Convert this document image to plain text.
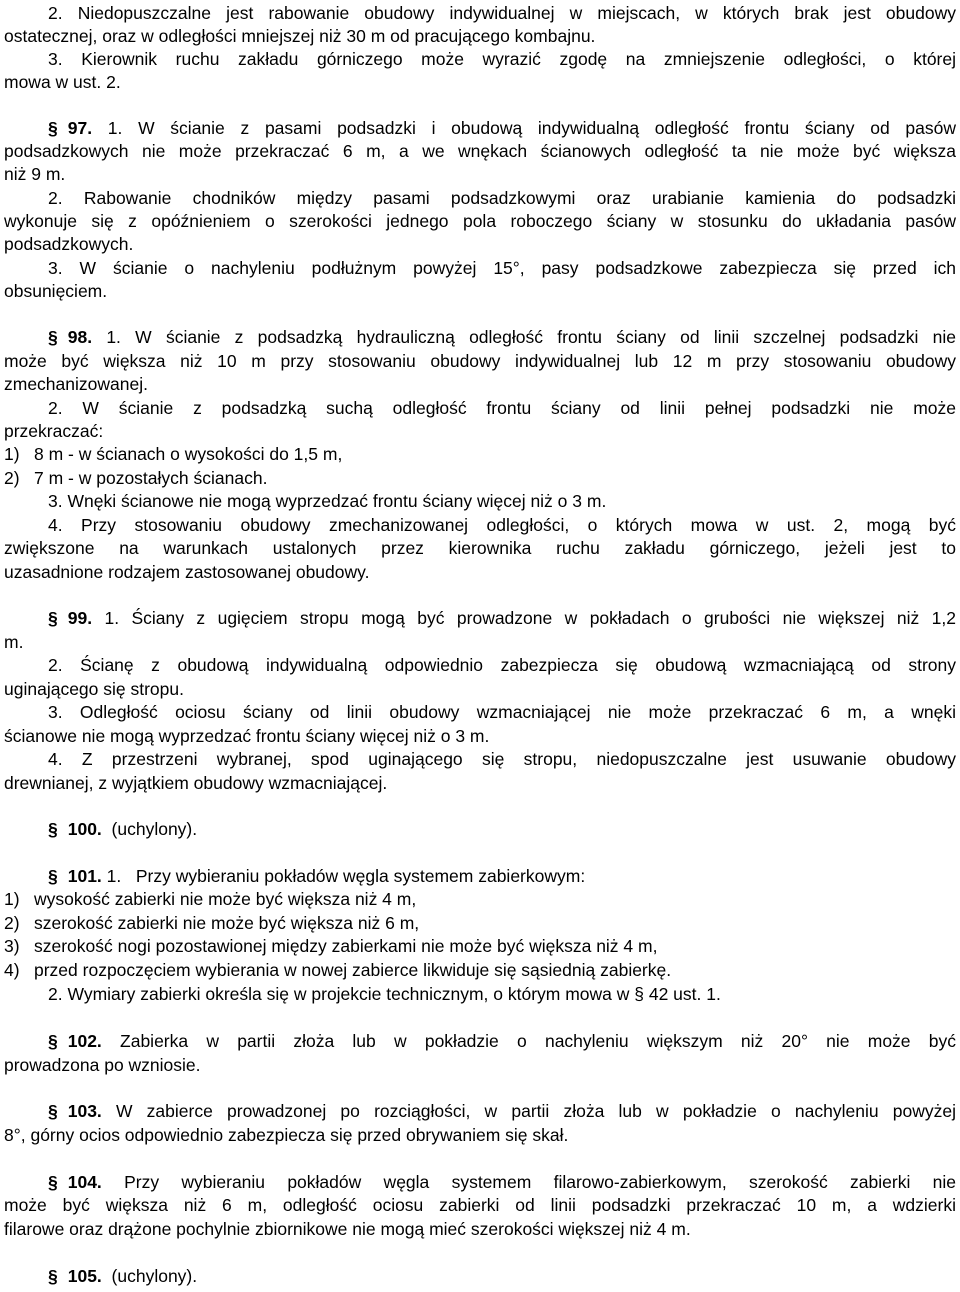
2. Niedopuszczalne jest rabowanie obudowy indywidualnej w miejscach, w których brak jest obudowy
ostatecznej, oraz w odległości mniejszej niż 30 m od pracującego kombajnu.
3. Kierownik ruchu zakładu górniczego może wyrazić zgodę na zmniejszenie odległości, o której
mowa w ust. 2.
§ 97. 1. W ścianie z pasami podsadzki i obudową indywidualną odległość frontu ściany od pasów
podsadzkowych nie może przekraczać 6 m, a we wnękach ścianowych odległość ta nie może być większa
niż 9 m.
2. Rabowanie chodników między pasami podsadzkowymi oraz urabianie kamienia do podsadzki
wykonuje się z opóźnieniem o szerokości jednego pola roboczego ściany w stosunku do układania pasów
podsadzkowych.
3. W ścianie o nachyleniu podłużnym powyżej 15°, pasy podsadzkowe zabezpiecza się przed ich
obsunięciem.
§ 98. 1. W ścianie z podsadzką hydrauliczną odległość frontu ściany od linii szczelnej podsadzki nie
może być większa niż 10 m przy stosowaniu obudowy indywidualnej lub 12 m przy stosowaniu obudowy
zmechanizowanej.
2. W ścianie z podsadzką suchą odległość frontu ściany od linii pełnej podsadzki nie może
przekraczać:
1) 8 m - w ścianach o wysokości do 1,5 m,
2) 7 m - w pozostałych ścianach.
3. Wnęki ścianowe nie mogą wyprzedzać frontu ściany więcej niż o 3 m.
4. Przy stosowaniu obudowy zmechanizowanej odległości, o których mowa w ust. 2, mogą być
zwiększone na warunkach ustalonych przez kierownika ruchu zakładu górniczego, jeżeli jest to
uzasadnione rodzajem zastosowanej obudowy.
§ 99. 1. Ściany z ugięciem stropu mogą być prowadzone w pokładach o grubości nie większej niż 1,2
m.
2. Ścianę z obudową indywidualną odpowiednio zabezpiecza się obudową wzmacniającą od strony
uginającego się stropu.
3. Odległość ociosu ściany od linii obudowy wzmacniającej nie może przekraczać 6 m, a wnęki
ścianowe nie mogą wyprzedzać frontu ściany więcej niż o 3 m.
4. Z przestrzeni wybranej, spod uginającego się stropu, niedopuszczalne jest usuwanie obudowy
drewnianej, z wyjątkiem obudowy wzmacniającej.
§ 100. (uchylony).
§ 101. 1.   Przy wybieraniu pokładów węgla systemem zabierkowym:
1) wysokość zabierki nie może być większa niż 4 m,
2) szerokość zabierki nie może być większa niż 6 m,
3) szerokość nogi pozostawionej między zabierkami nie może być większa niż 4 m,
4) przed rozpoczęciem wybierania w nowej zabierce likwiduje się sąsiednią zabierkę.
2. Wymiary zabierki określa się w projekcie technicznym, o którym mowa w § 42 ust. 1.
§ 102. Zabierka w partii złoża lub w pokładzie o nachyleniu większym niż 20° nie może być
prowadzona po wzniosie.
§ 103. W zabierce prowadzonej po rozciągłości, w partii złoża lub w pokładzie o nachyleniu powyżej
8°, górny ocios odpowiednio zabezpiecza się przed obrywaniem się skał.
§ 104. Przy wybieraniu pokładów węgla systemem filarowo-zabierkowym, szerokość zabierki nie
może być większa niż 6 m, odległość ociosu zabierki od linii podsadzki przekraczać 10 m, a wdzierki
filarowe oraz drążone pochylnie zbiornikowe nie mogą mieć szerokości większej niż 4 m.
§ 105. (uchylony).
